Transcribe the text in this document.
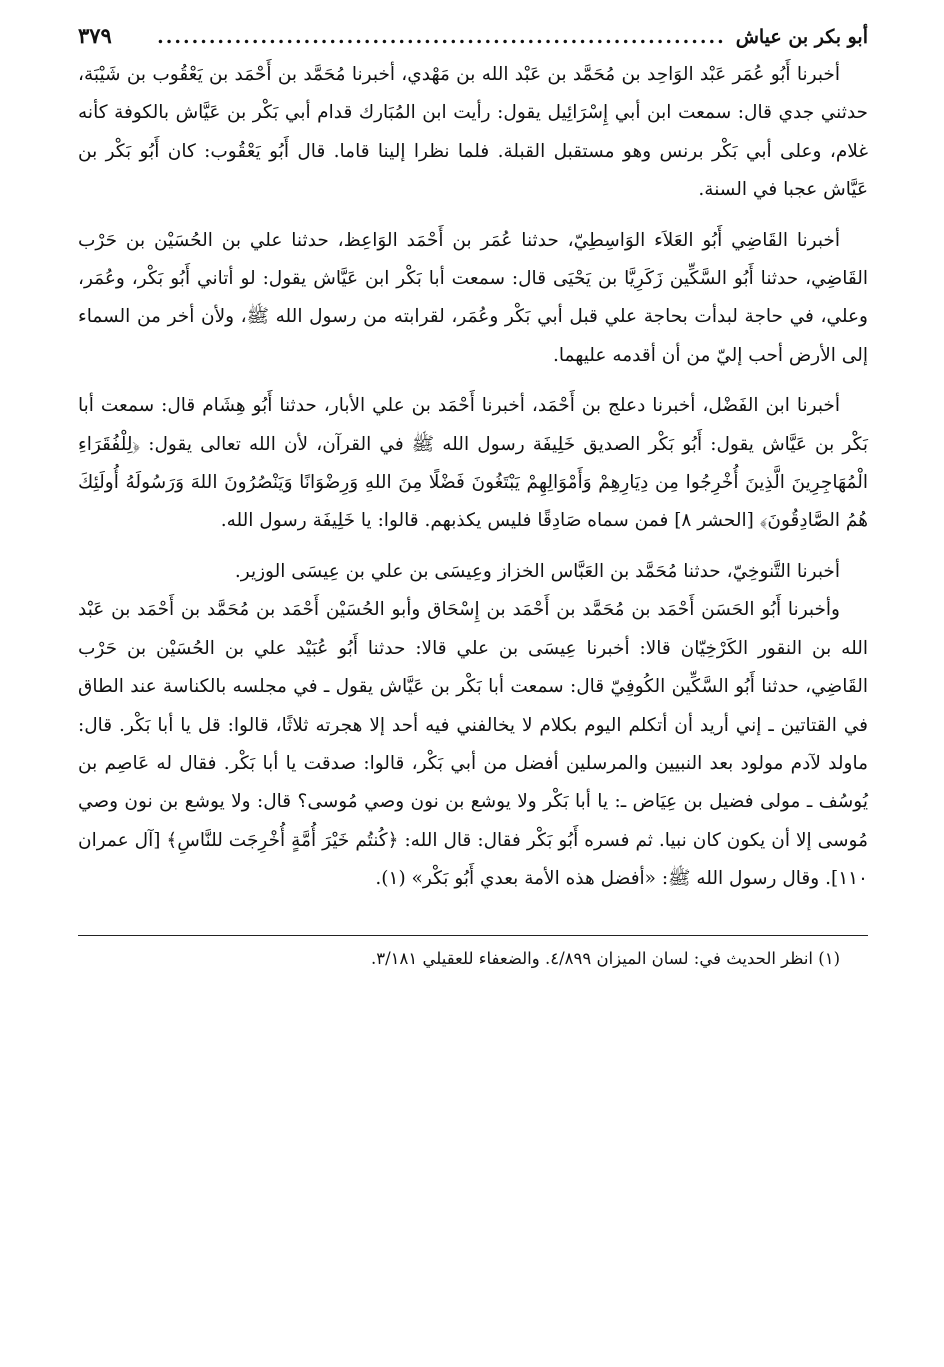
أبو بكر بن عياش
..................................................................
٣٧٩

أخبرنا أَبُو عُمَر عَبْد الوَاحِد بن مُحَمَّد بن عَبْد الله بن مَهْدي، أخبرنا مُحَمَّد بن أَحْمَد بن يَعْقُوب بن شَيْبَة، حدثني جدي قال: سمعت ابن أبي إِسْرَائِيل يقول: رأيت ابن المُبَارك قدام أبي بَكْر بن عَيَّاش بالكوفة كأنه غلام، وعلى أبي بَكْر برنس وهو مستقبل القبلة. فلما نظرا إلينا قاما. قال أَبُو يَعْقُوب: كان أَبُو بَكْر بن عَيَّاش عجبا في السنة.

أخبرنا القَاضِي أَبُو العَلاَء الوَاسِطِيّ، حدثنا عُمَر بن أَحْمَد الوَاعِظ، حدثنا علي بن الحُسَيْن بن حَرْب القَاضِي، حدثنا أَبُو السَّكِّين زَكَرِيَّا بن يَحْيَى قال: سمعت أبا بَكْر ابن عَيَّاش يقول: لو أتاني أَبُو بَكْر، وعُمَر، وعلي، في حاجة لبدأت بحاجة علي قبل أبي بَكْر وعُمَر، لقرابته من رسول الله ﷺ، ولأن أخر من السماء إلى الأرض أحب إليّ من أن أقدمه عليهما.

أخبرنا ابن الفَضْل، أخبرنا دعلج بن أَحْمَد، أخبرنا أَحْمَد بن علي الأبار، حدثنا أَبُو هِشَام قال: سمعت أبا بَكْر بن عَيَّاش يقول: أَبُو بَكْر الصديق خَلِيفَة رسول الله ﷺ في القرآن، لأن الله تعالى يقول: ﴿لِلْفُقَرَاءِ الْمُهَاجِرِينَ الَّذِينَ أُخْرِجُوا مِن دِيَارِهِمْ وَأَمْوَالِهِمْ يَبْتَغُونَ فَضْلًا مِنَ اللهِ وَرِضْوَانًا وَيَنْصُرُونَ اللهَ وَرَسُولَهُ أُولَئِكَ هُمُ الصَّادِقُونَ﴾ [الحشر ٨] فمن سماه صَادِقًا فليس يكذبهم. قالوا: يا خَلِيفَة رسول الله.

أخبرنا التَّنوخِيّ، حدثنا مُحَمَّد بن العَبَّاس الخزاز وعِيسَى بن علي بن عِيسَى الوزير.

وأخبرنا أَبُو الحَسَن أَحْمَد بن مُحَمَّد بن أَحْمَد بن إِسْحَاق وأبو الحُسَيْن أَحْمَد بن مُحَمَّد بن أَحْمَد بن عَبْد الله بن النقور الكَرْخِيّان قالا: أخبرنا عِيسَى بن علي قالا: حدثنا أَبُو عُبَيْد علي بن الحُسَيْن بن حَرْب القَاضِي، حدثنا أَبُو السَّكِّين الكُوفِيّ قال: سمعت أبا بَكْر بن عَيَّاش يقول ـ في مجلسه بالكناسة عند الطاق في القتاتين ـ إني أريد أن أتكلم اليوم بكلام لا يخالفني فيه أحد إلا هجرته ثلاثًا، قالوا: قل يا أبا بَكْر. قال: ماولد لآدم مولود بعد النبيين والمرسلين أفضل من أبي بَكْر، قالوا: صدقت يا أبا بَكْر. فقال له عَاصِم بن يُوسُف ـ مولى فضيل بن عِيَاض ـ: يا أبا بَكْر ولا يوشع بن نون وصي مُوسى؟ قال: ولا يوشع بن نون وصي مُوسى إلا أن يكون كان نبيا. ثم فسره أَبُو بَكْر فقال: قال الله: ﴿كُنتُم خَيْرَ أُمَّةٍ أُخْرِجَت للنَّاسِ﴾ [آل عمران ١١٠]. وقال رسول الله ﷺ: «أفضل هذه الأمة بعدي أَبُو بَكْر» (١).

(١) انظر الحديث في: لسان الميزان ٤/٨٩٩. والضعفاء للعقيلي ٣/١٨١.
